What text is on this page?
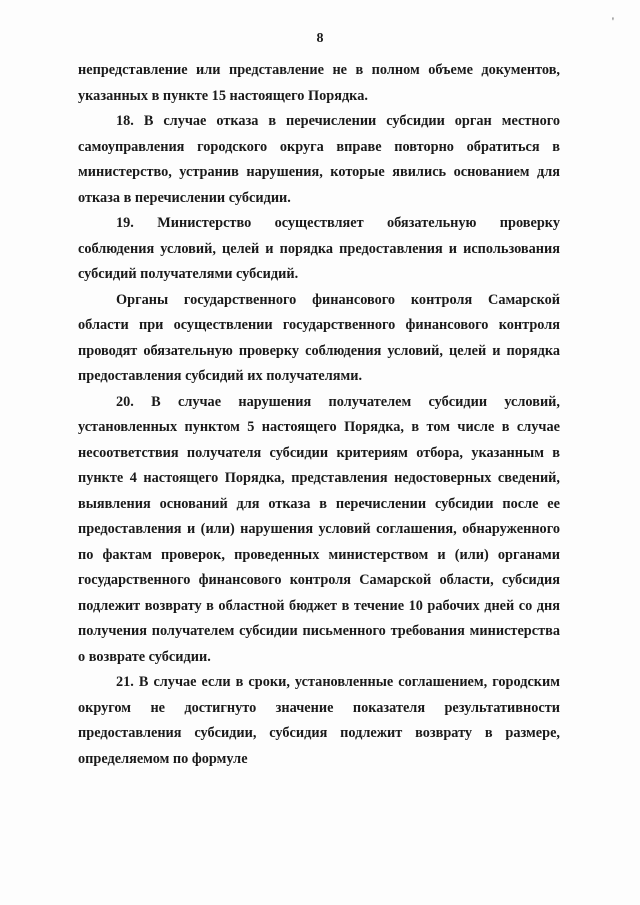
'
8

непредставление или представление не в полном объеме документов, указанных в пункте 15 настоящего Порядка.

18. В случае отказа в перечислении субсидии орган местного самоуправления городского округа вправе повторно обратиться в министерство, устранив нарушения, которые явились основанием для отказа в перечислении субсидии.

19. Министерство осуществляет обязательную проверку соблюдения условий, целей и порядка предоставления и использования субсидий получателями субсидий.

Органы государственного финансового контроля Самарской области при осуществлении государственного финансового контроля проводят обязательную проверку соблюдения условий, целей и порядка предоставления субсидий их получателями.

20. В случае нарушения получателем субсидии условий, установленных пунктом 5 настоящего Порядка, в том числе в случае несоответствия получателя субсидии критериям отбора, указанным в пункте 4 настоящего Порядка, представления недостоверных сведений, выявления оснований для отказа в перечислении субсидии после ее предоставления и (или) нарушения условий соглашения, обнаруженного по фактам проверок, проведенных министерством и (или) органами государственного финансового контроля Самарской области, субсидия подлежит возврату в областной бюджет в течение 10 рабочих дней со дня получения получателем субсидии письменного требования министерства о возврате субсидии.

21. В случае если в сроки, установленные соглашением, городским округом не достигнуто значение показателя результативности предоставления субсидии, субсидия подлежит возврату в размере, определяемом по формуле
